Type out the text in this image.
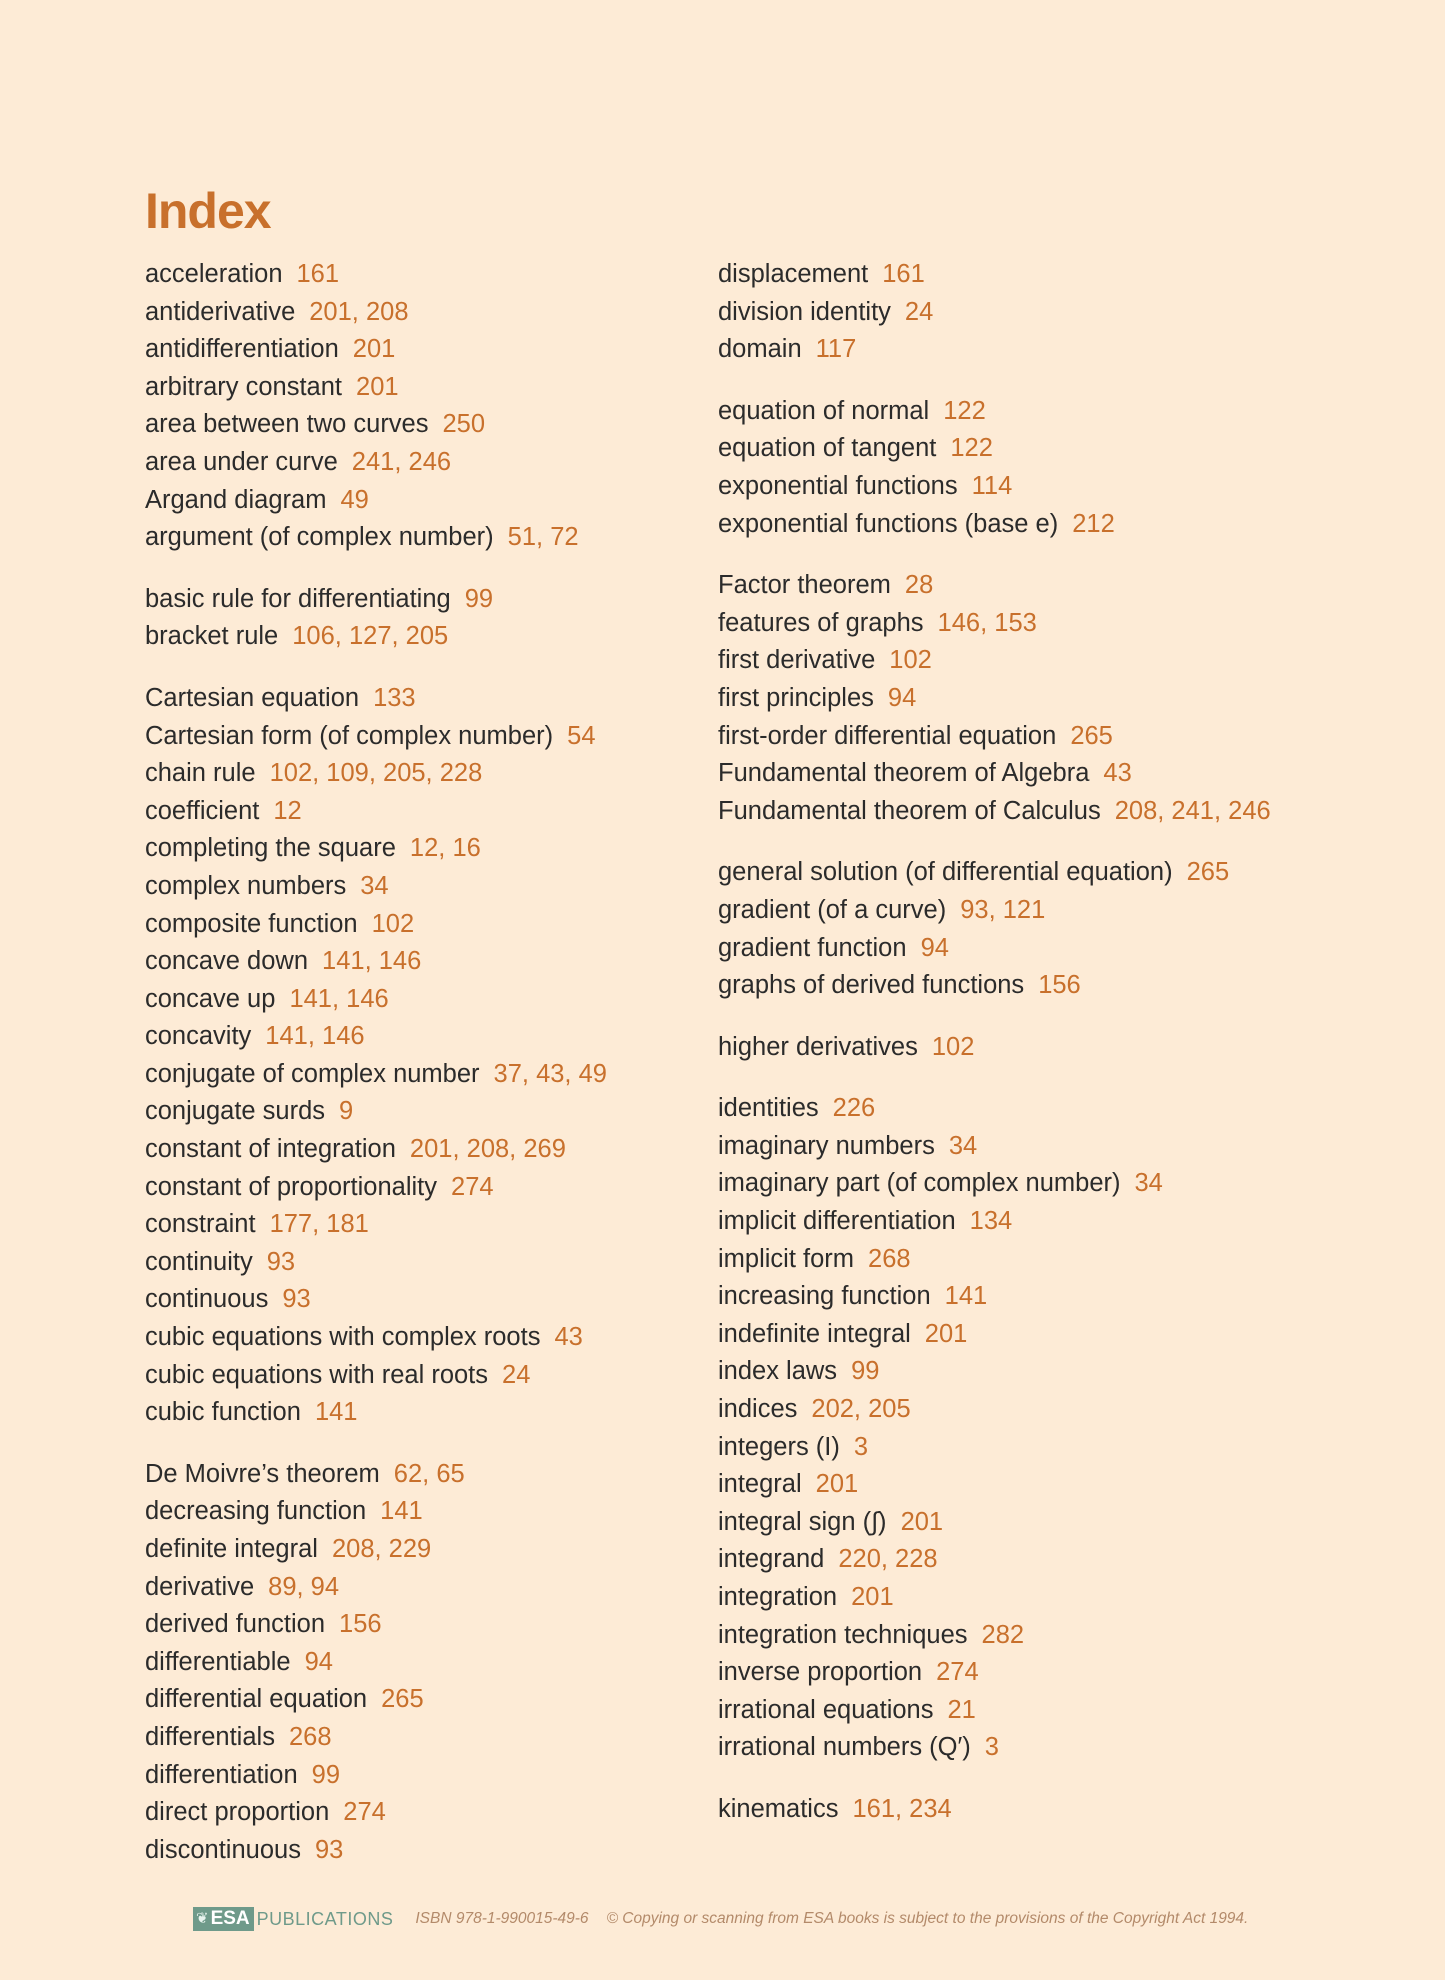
Index
acceleration 161
antiderivative 201, 208
antidifferentiation 201
arbitrary constant 201
area between two curves 250
area under curve 241, 246
Argand diagram 49
argument (of complex number) 51, 72
basic rule for differentiating 99
bracket rule 106, 127, 205
Cartesian equation 133
Cartesian form (of complex number) 54
chain rule 102, 109, 205, 228
coefficient 12
completing the square 12, 16
complex numbers 34
composite function 102
concave down 141, 146
concave up 141, 146
concavity 141, 146
conjugate of complex number 37, 43, 49
conjugate surds 9
constant of integration 201, 208, 269
constant of proportionality 274
constraint 177, 181
continuity 93
continuous 93
cubic equations with complex roots 43
cubic equations with real roots 24
cubic function 141
De Moivre’s theorem 62, 65
decreasing function 141
definite integral 208, 229
derivative 89, 94
derived function 156
differentiable 94
differential equation 265
differentials 268
differentiation 99
direct proportion 274
discontinuous 93
displacement 161
division identity 24
domain 117
equation of normal 122
equation of tangent 122
exponential functions 114
exponential functions (base e) 212
Factor theorem 28
features of graphs 146, 153
first derivative 102
first principles 94
first-order differential equation 265
Fundamental theorem of Algebra 43
Fundamental theorem of Calculus 208, 241, 246
general solution (of differential equation) 265
gradient (of a curve) 93, 121
gradient function 94
graphs of derived functions 156
higher derivatives 102
identities 226
imaginary numbers 34
imaginary part (of complex number) 34
implicit differentiation 134
implicit form 268
increasing function 141
indefinite integral 201
index laws 99
indices 202, 205
integers (I) 3
integral 201
integral sign (∫) 201
integrand 220, 228
integration 201
integration techniques 282
inverse proportion 274
irrational equations 21
irrational numbers (Q′) 3
kinematics 161, 234
❦ ESA PUBLICATIONS ISBN 978-1-990015-49-6 © Copying or scanning from ESA books is subject to the provisions of the Copyright Act 1994.
